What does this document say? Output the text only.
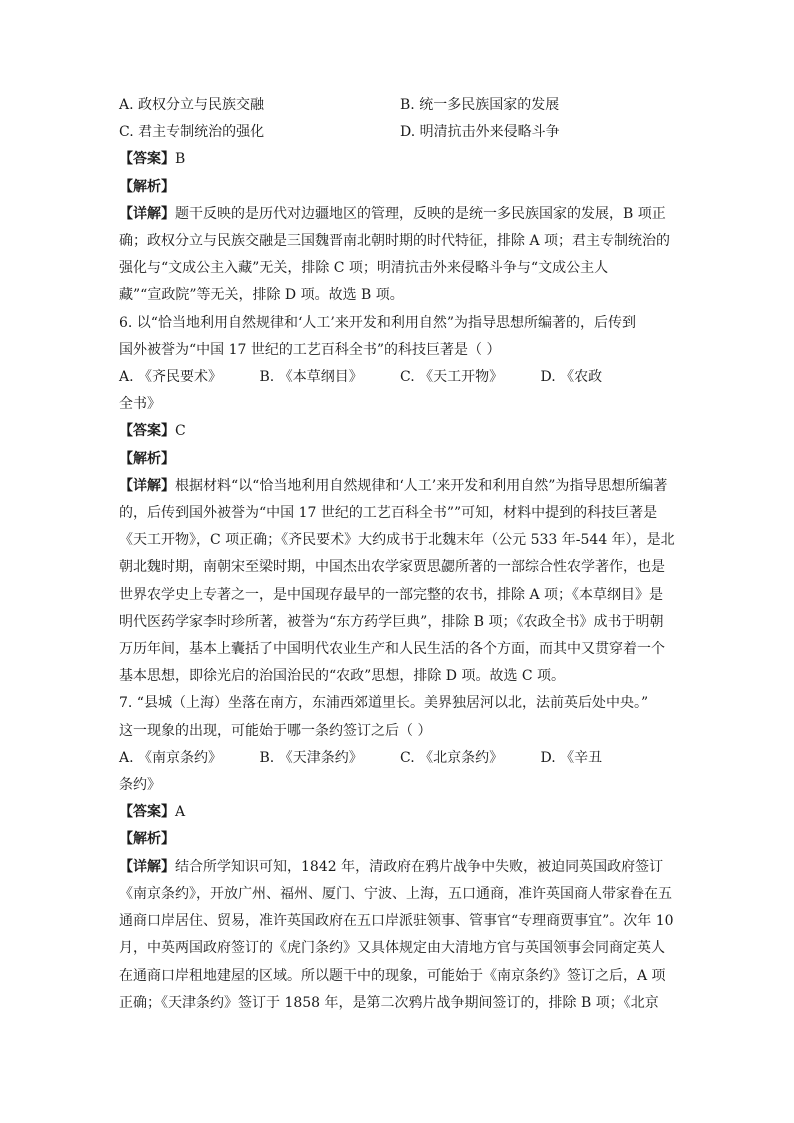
A. 政权分立与民族交融	B. 统一多民族国家的发展
C. 君主专制统治的强化	D. 明清抗击外来侵略斗争
【答案】B
【解析】
【详解】题干反映的是历代对边疆地区的管理，反映的是统一多民族国家的发展，B 项正
确；政权分立与民族交融是三国魏晋南北朝时期的时代特征，排除 A 项；君主专制统治的
强化与“文成公主入藏”无关，排除 C 项；明清抗击外来侵略斗争与“文成公主人
藏”“宣政院”等无关，排除 D 项。故选 B 项。
6. 以“恰当地利用自然规律和‘人工’来开发和利用自然”为指导思想所编著的，后传到
国外被誉为“中国 17 世纪的工艺百科全书”的科技巨著是（ ）
A. 《齐民要术》	B. 《本草纲目》	C. 《天工开物》	D. 《农政
全书》
【答案】C
【解析】
【详解】根据材料“以“恰当地利用自然规律和‘人工’来开发和利用自然”为指导思想所编著
的，后传到国外被誉为“中国 17 世纪的工艺百科全书””可知，材料中提到的科技巨著是
《天工开物》，C 项正确；《齐民要术》大约成书于北魏末年（公元 533 年-544 年），是北
朝北魏时期，南朝宋至梁时期，中国杰出农学家贾思勰所著的一部综合性农学著作，也是
世界农学史上专著之一，是中国现存最早的一部完整的农书，排除 A 项；《本草纲目》是
明代医药学家李时珍所著，被誉为“东方药学巨典”，排除 B 项；《农政全书》成书于明朝
万历年间，基本上囊括了中国明代农业生产和人民生活的各个方面，而其中又贯穿着一个
基本思想，即徐光启的治国治民的“农政”思想，排除 D 项。故选 C 项。
7. “县城（上海）坐落在南方，东浦西郊道里长。美界独居河以北，法前英后处中央。”
这一现象的出现，可能始于哪一条约签订之后（ ）
A. 《南京条约》	B. 《天津条约》	C. 《北京条约》	D. 《辛丑
条约》
【答案】A
【解析】
【详解】结合所学知识可知，1842 年，清政府在鸦片战争中失败，被迫同英国政府签订
《南京条约》，开放广州、福州、厦门、宁波、上海，五口通商，准许英国商人带家眷在五
通商口岸居住、贸易，准许英国政府在五口岸派驻领事、管事官“专理商贾事宜”。次年 10
月，中英两国政府签订的《虎门条约》又具体规定由大清地方官与英国领事会同商定英人
在通商口岸租地建屋的区域。所以题干中的现象，可能始于《南京条约》签订之后，A 项
正确；《天津条约》签订于 1858 年，是第二次鸦片战争期间签订的，排除 B 项；《北京
